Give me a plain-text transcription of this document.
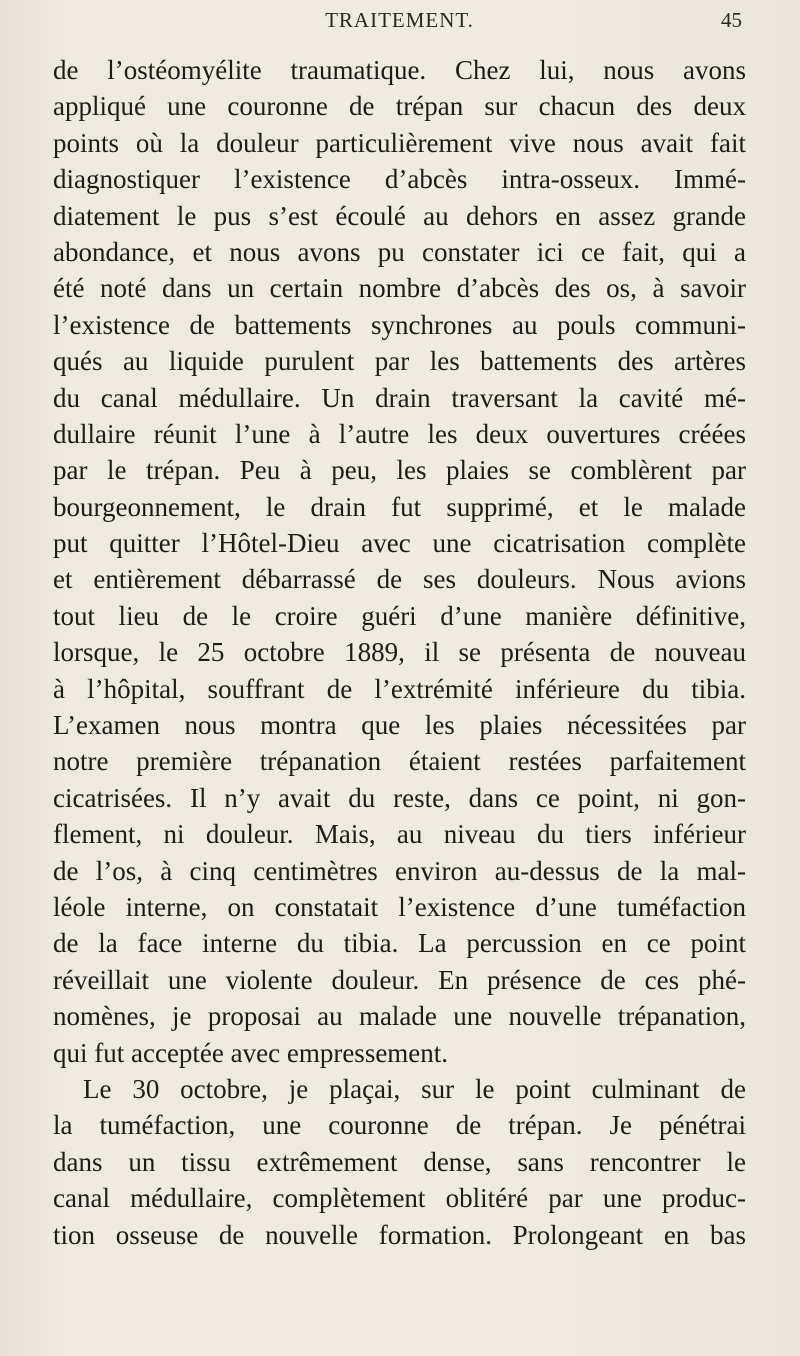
TRAITEMENT.	45
de l’ostéomyélite traumatique. Chez lui, nous avons
appliqué une couronne de trépan sur chacun des deux
points où la douleur particulièrement vive nous avait fait
diagnostiquer l’existence d’abcès intra-osseux. Immé-
diatement le pus s’est écoulé au dehors en assez grande
abondance, et nous avons pu constater ici ce fait, qui a
été noté dans un certain nombre d’abcès des os, à savoir
l’existence de battements synchrones au pouls communi-
qués au liquide purulent par les battements des artères
du canal médullaire. Un drain traversant la cavité mé-
dullaire réunit l’une à l’autre les deux ouvertures créées
par le trépan. Peu à peu, les plaies se comblèrent par
bourgeonnement, le drain fut supprimé, et le malade
put quitter l’Hôtel-Dieu avec une cicatrisation complète
et entièrement débarrassé de ses douleurs. Nous avions
tout lieu de le croire guéri d’une manière définitive,
lorsque, le 25 octobre 1889, il se présenta de nouveau
à l’hôpital, souffrant de l’extrémité inférieure du tibia.
L’examen nous montra que les plaies nécessitées par
notre première trépanation étaient restées parfaitement
cicatrisées. Il n’y avait du reste, dans ce point, ni gon-
flement, ni douleur. Mais, au niveau du tiers inférieur
de l’os, à cinq centimètres environ au-dessus de la mal-
léole interne, on constatait l’existence d’une tuméfaction
de la face interne du tibia. La percussion en ce point
réveillait une violente douleur. En présence de ces phé-
nomènes, je proposai au malade une nouvelle trépanation,
qui fut acceptée avec empressement.
Le 30 octobre, je plaçai, sur le point culminant de
la tuméfaction, une couronne de trépan. Je pénétrai
dans un tissu extrêmement dense, sans rencontrer le
canal médullaire, complètement oblitéré par une produc-
tion osseuse de nouvelle formation. Prolongeant en bas
